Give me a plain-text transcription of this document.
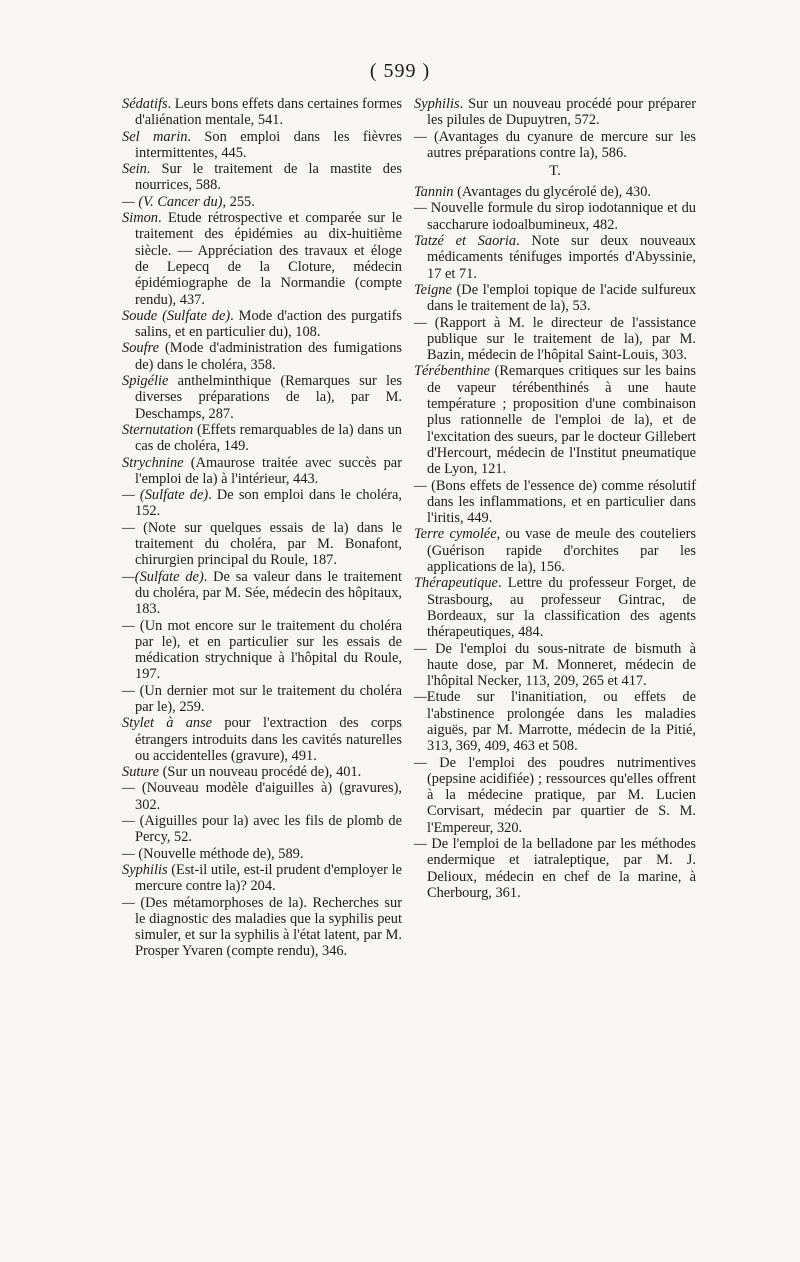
( 599 )

Sédatifs. Leurs bons effets dans certaines formes d'aliénation mentale, 541.

Sel marin. Son emploi dans les fièvres intermittentes, 445.

Sein. Sur le traitement de la mastite des nourrices, 588.

— (V. Cancer du), 255.

Simon. Etude rétrospective et comparée sur le traitement des épidémies au dix-huitième siècle. — Appréciation des travaux et éloge de Lepecq de la Cloture, médecin épidémiographe de la Normandie (compte rendu), 437.

Soude (Sulfate de). Mode d'action des purgatifs salins, et en particulier du), 108.

Soufre (Mode d'administration des fumigations de) dans le choléra, 358.

Spigélie anthelminthique (Remarques sur les diverses préparations de la), par M. Deschamps, 287.

Sternutation (Effets remarquables de la) dans un cas de choléra, 149.

Strychnine (Amaurose traitée avec succès par l'emploi de la) à l'intérieur, 443.

— (Sulfate de). De son emploi dans le choléra, 152.

— (Note sur quelques essais de la) dans le traitement du choléra, par M. Bonafont, chirurgien principal du Roule, 187.

—(Sulfate de). De sa valeur dans le traitement du choléra, par M. Sée, médecin des hôpitaux, 183.

— (Un mot encore sur le traitement du choléra par le), et en particulier sur les essais de médication strychnique à l'hôpital du Roule, 197.

— (Un dernier mot sur le traitement du choléra par le), 259.

Stylet à anse pour l'extraction des corps étrangers introduits dans les cavités naturelles ou accidentelles (gravure), 491.

Suture (Sur un nouveau procédé de), 401.

— (Nouveau modèle d'aiguilles à) (gravures), 302.

— (Aiguilles pour la) avec les fils de plomb de Percy, 52.

— (Nouvelle méthode de), 589.

Syphilis (Est-il utile, est-il prudent d'employer le mercure contre la)? 204.

— (Des métamorphoses de la). Recherches sur le diagnostic des maladies que la syphilis peut simuler, et sur la syphilis à l'état latent, par M. Prosper Yvaren (compte rendu), 346.

Syphilis. Sur un nouveau procédé pour préparer les pilules de Dupuytren, 572.

— (Avantages du cyanure de mercure sur les autres préparations contre la), 586.

T.

Tannin (Avantages du glycérolé de), 430.

— Nouvelle formule du sirop iodotannique et du saccharure iodoalbumineux, 482.

Tatzé et Saoria. Note sur deux nouveaux médicaments ténifuges importés d'Abyssinie, 17 et 71.

Teigne (De l'emploi topique de l'acide sulfureux dans le traitement de la), 53.

— (Rapport à M. le directeur de l'assistance publique sur le traitement de la), par M. Bazin, médecin de l'hôpital Saint-Louis, 303.

Térébenthine (Remarques critiques sur les bains de vapeur térébenthinés à une haute température ; proposition d'une combinaison plus rationnelle de l'emploi de la), et de l'excitation des sueurs, par le docteur Gillebert d'Hercourt, médecin de l'Institut pneumatique de Lyon, 121.

— (Bons effets de l'essence de) comme résolutif dans les inflammations, et en particulier dans l'iritis, 449.

Terre cymolée, ou vase de meule des couteliers (Guérison rapide d'orchites par les applications de la), 156.

Thérapeutique. Lettre du professeur Forget, de Strasbourg, au professeur Gintrac, de Bordeaux, sur la classification des agents thérapeutiques, 484.

— De l'emploi du sous-nitrate de bismuth à haute dose, par M. Monneret, médecin de l'hôpital Necker, 113, 209, 265 et 417.

—Etude sur l'inanitiation, ou effets de l'abstinence prolongée dans les maladies aiguës, par M. Marrotte, médecin de la Pitié, 313, 369, 409, 463 et 508.

— De l'emploi des poudres nutrimentives (pepsine acidifiée) ; ressources qu'elles offrent à la médecine pratique, par M. Lucien Corvisart, médecin par quartier de S. M. l'Empereur, 320.

— De l'emploi de la belladone par les méthodes endermique et iatraleptique, par M. J. Delioux, médecin en chef de la marine, à Cherbourg, 361.
